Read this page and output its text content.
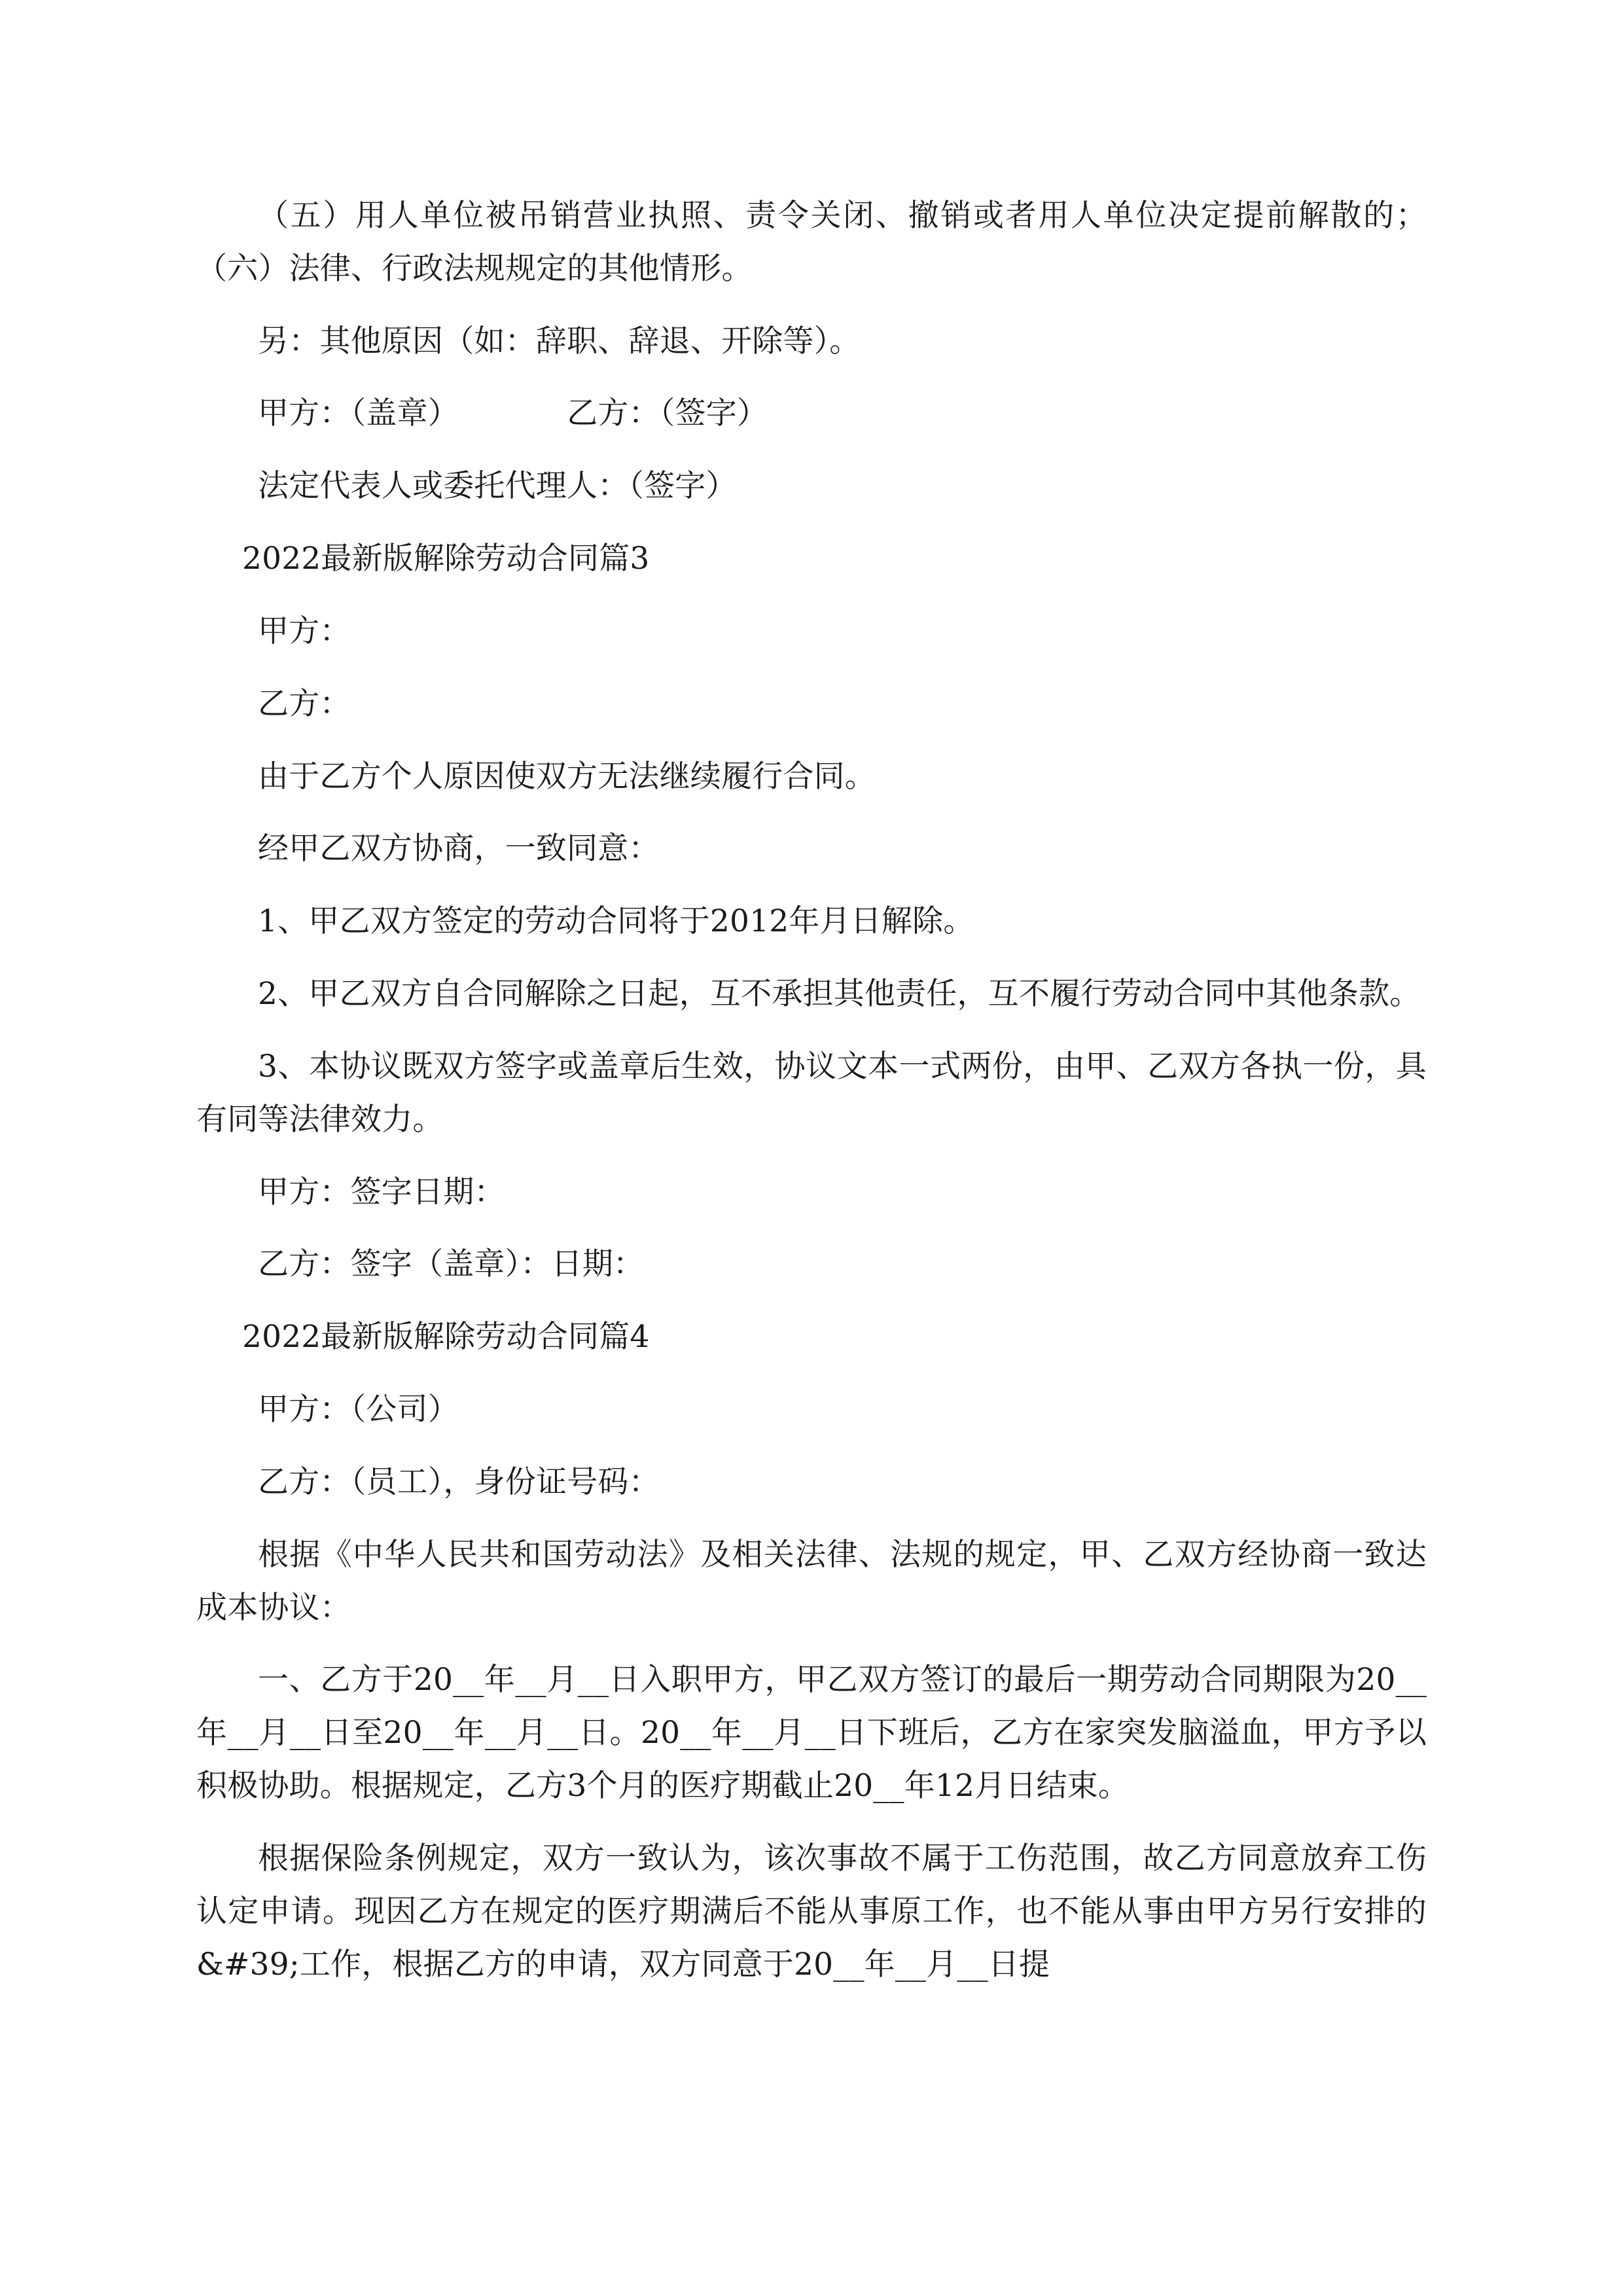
（五）用人单位被吊销营业执照、责令关闭、撤销或者用人单位决定提前解散的；（六）法律、行政法规规定的其他情形。

另：其他原因（如：辞职、辞退、开除等）。

甲方：（盖章）　　　　乙方：（签字）

法定代表人或委托代理人：（签字）

2022最新版解除劳动合同篇3

甲方：

乙方：

由于乙方个人原因使双方无法继续履行合同。

经甲乙双方协商，一致同意：

1、甲乙双方签定的劳动合同将于2012年月日解除。

2、甲乙双方自合同解除之日起，互不承担其他责任，互不履行劳动合同中其他条款。

3、本协议既双方签字或盖章后生效，协议文本一式两份，由甲、乙双方各执一份，具有同等法律效力。

甲方：签字日期：

乙方：签字（盖章）：日期：

2022最新版解除劳动合同篇4

甲方：（公司）

乙方：（员工），身份证号码：

根据《中华人民共和国劳动法》及相关法律、法规的规定，甲、乙双方经协商一致达成本协议：

一、乙方于20__年__月__日入职甲方，甲乙双方签订的最后一期劳动合同期限为20__年__月__日至20__年__月__日。20__年__月__日下班后，乙方在家突发脑溢血，甲方予以积极协助。根据规定，乙方3个月的医疗期截止20__年12月日结束。

根据保险条例规定，双方一致认为，该次事故不属于工伤范围，故乙方同意放弃工伤认定申请。现因乙方在规定的医疗期满后不能从事原工作，也不能从事由甲方另行安排的&#39;工作，根据乙方的申请，双方同意于20__年__月__日提
